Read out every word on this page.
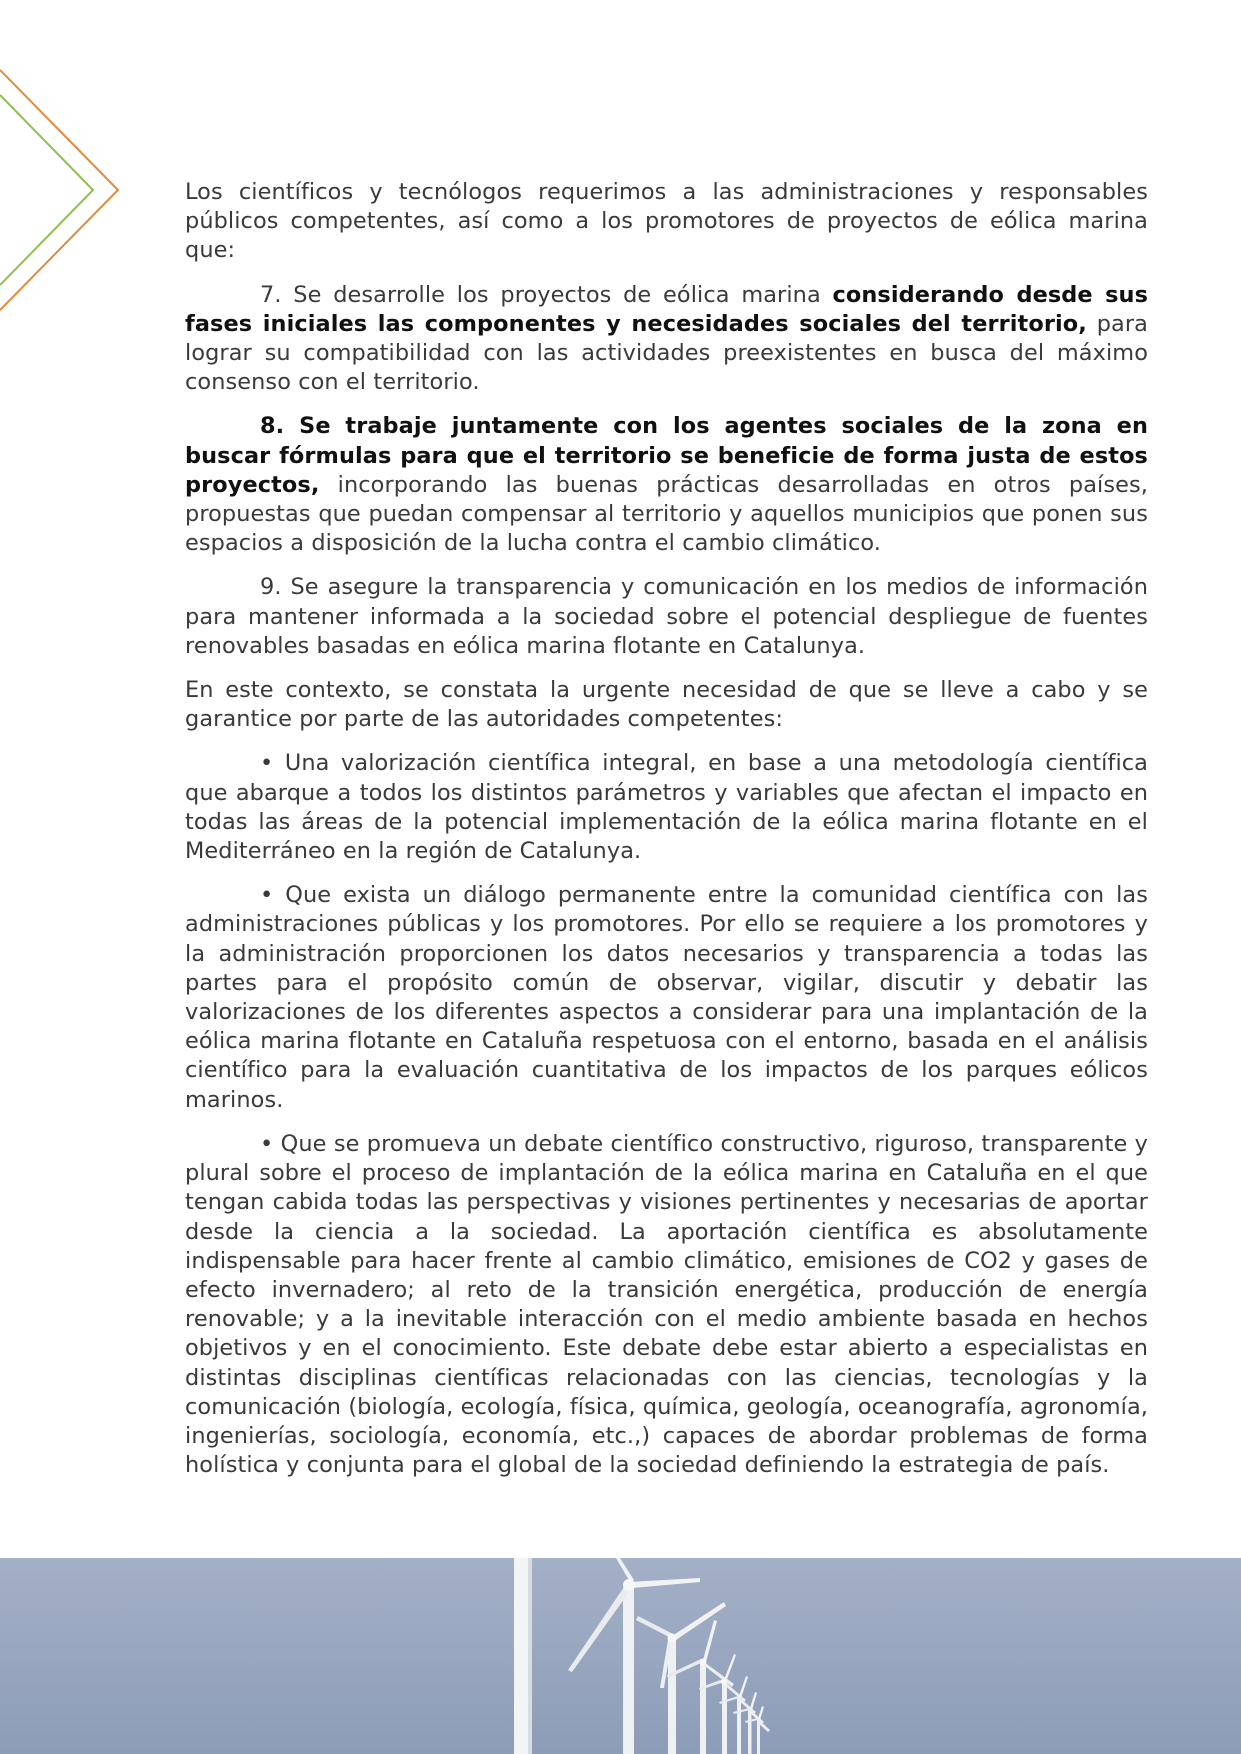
Los científicos y tecnólogos requerimos a las administraciones y responsables públicos competentes, así como a los promotores de proyectos de eólica marina que:

7. Se desarrolle los proyectos de eólica marina considerando desde sus fases iniciales las componentes y necesidades sociales del territorio, para lograr su compatibilidad con las actividades preexistentes en busca del máximo consenso con el territorio.

8. Se trabaje juntamente con los agentes sociales de la zona en buscar fórmulas para que el territorio se beneficie de forma justa de estos proyectos, incorporando las buenas prácticas desarrolladas en otros países, propuestas que puedan compensar al territorio y aquellos municipios que ponen sus espacios a disposición de la lucha contra el cambio climático.

9. Se asegure la transparencia y comunicación en los medios de información para mantener informada a la sociedad sobre el potencial despliegue de fuentes renovables basadas en eólica marina flotante en Catalunya.

En este contexto, se constata la urgente necesidad de que se lleve a cabo y se garantice por parte de las autoridades competentes:

• Una valorización científica integral, en base a una metodología científica que abarque a todos los distintos parámetros y variables que afectan el impacto en todas las áreas de la potencial implementación de la eólica marina flotante en el Mediterráneo en la región de Catalunya.

• Que exista un diálogo permanente entre la comunidad científica con las administraciones públicas y los promotores. Por ello se requiere a los promotores y la administración proporcionen los datos necesarios y transparencia a todas las partes para el propósito común de observar, vigilar, discutir y debatir las valorizaciones de los diferentes aspectos a considerar para una implantación de la eólica marina flotante en Cataluña respetuosa con el entorno, basada en el análisis científico para la evaluación cuantitativa de los impactos de los parques eólicos marinos.

• Que se promueva un debate científico constructivo, riguroso, transparente y plural sobre el proceso de implantación de la eólica marina en Cataluña en el que tengan cabida todas las perspectivas y visiones pertinentes y necesarias de aportar desde la ciencia a la sociedad. La aportación científica es absolutamente indispensable para hacer frente al cambio climático, emisiones de CO2 y gases de efecto invernadero; al reto de la transición energética, producción de energía renovable; y a la inevitable interacción con el medio ambiente basada en hechos objetivos y en el conocimiento. Este debate debe estar abierto a especialistas en distintas disciplinas científicas relacionadas con las ciencias, tecnologías y la comunicación (biología, ecología, física, química, geología, oceanografía, agronomía, ingenierías, sociología, economía, etc.,) capaces de abordar problemas de forma holística y conjunta para el global de la sociedad definiendo la estrategia de país.
